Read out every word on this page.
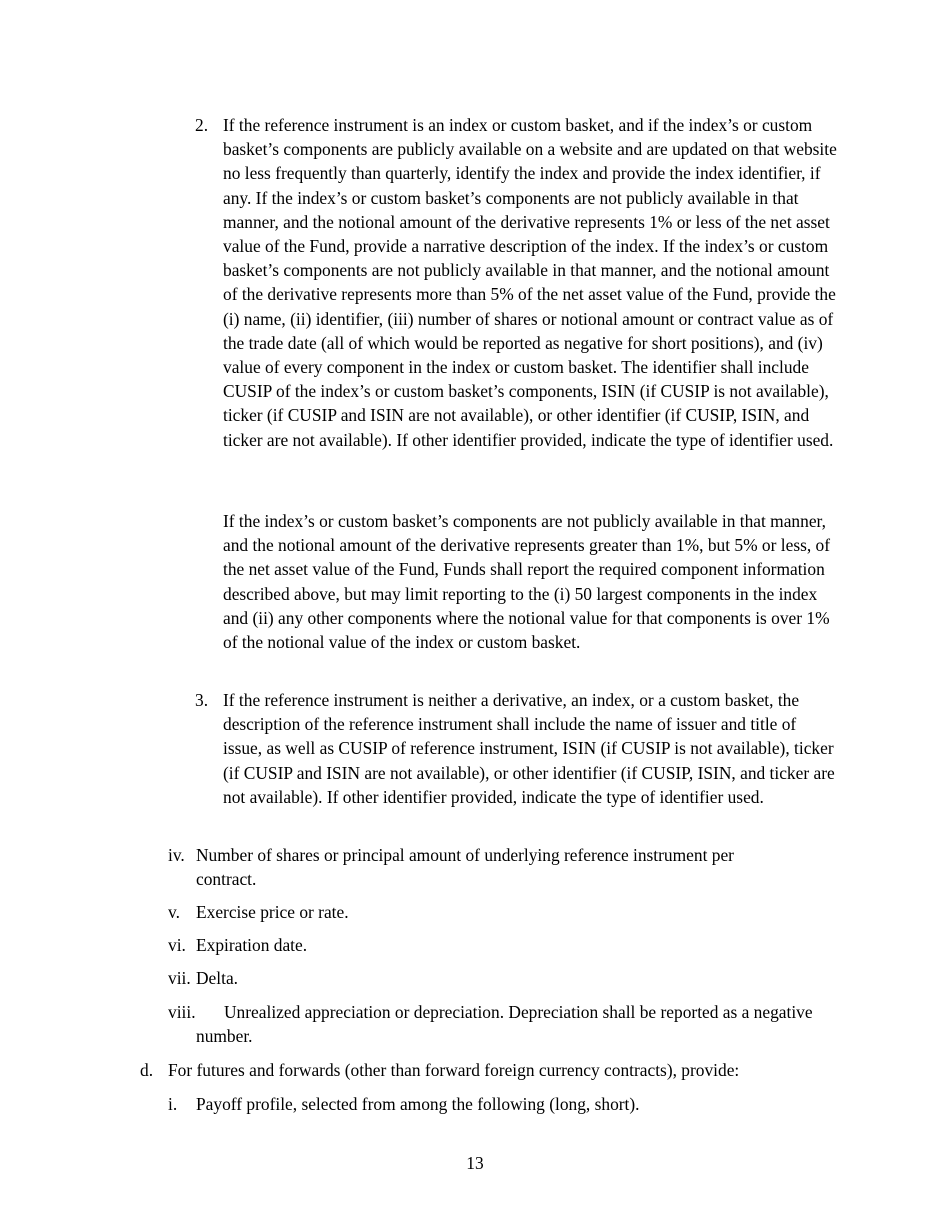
2. If the reference instrument is an index or custom basket, and if the index’s or custom basket’s components are publicly available on a website and are updated on that website no less frequently than quarterly, identify the index and provide the index identifier, if any. If the index’s or custom basket’s components are not publicly available in that manner, and the notional amount of the derivative represents 1% or less of the net asset value of the Fund, provide a narrative description of the index. If the index’s or custom basket’s components are not publicly available in that manner, and the notional amount of the derivative represents more than 5% of the net asset value of the Fund, provide the (i) name, (ii) identifier, (iii) number of shares or notional amount or contract value as of the trade date (all of which would be reported as negative for short positions), and (iv) value of every component in the index or custom basket. The identifier shall include CUSIP of the index’s or custom basket’s components, ISIN (if CUSIP is not available), ticker (if CUSIP and ISIN are not available), or other identifier (if CUSIP, ISIN, and ticker are not available). If other identifier provided, indicate the type of identifier used.

If the index’s or custom basket’s components are not publicly available in that manner, and the notional amount of the derivative represents greater than 1%, but 5% or less, of the net asset value of the Fund, Funds shall report the required component information described above, but may limit reporting to the (i) 50 largest components in the index and (ii) any other components where the notional value for that components is over 1% of the notional value of the index or custom basket.

3. If the reference instrument is neither a derivative, an index, or a custom basket, the description of the reference instrument shall include the name of issuer and title of issue, as well as CUSIP of reference instrument, ISIN (if CUSIP is not available), ticker (if CUSIP and ISIN are not available), or other identifier (if CUSIP, ISIN, and ticker are not available). If other identifier provided, indicate the type of identifier used.

iv. Number of shares or principal amount of underlying reference instrument per contract.

v. Exercise price or rate.

vi. Expiration date.

vii. Delta.

viii.	Unrealized appreciation or depreciation. Depreciation shall be reported as a negative number.

d. For futures and forwards (other than forward foreign currency contracts), provide:

i. Payoff profile, selected from among the following (long, short).

13
